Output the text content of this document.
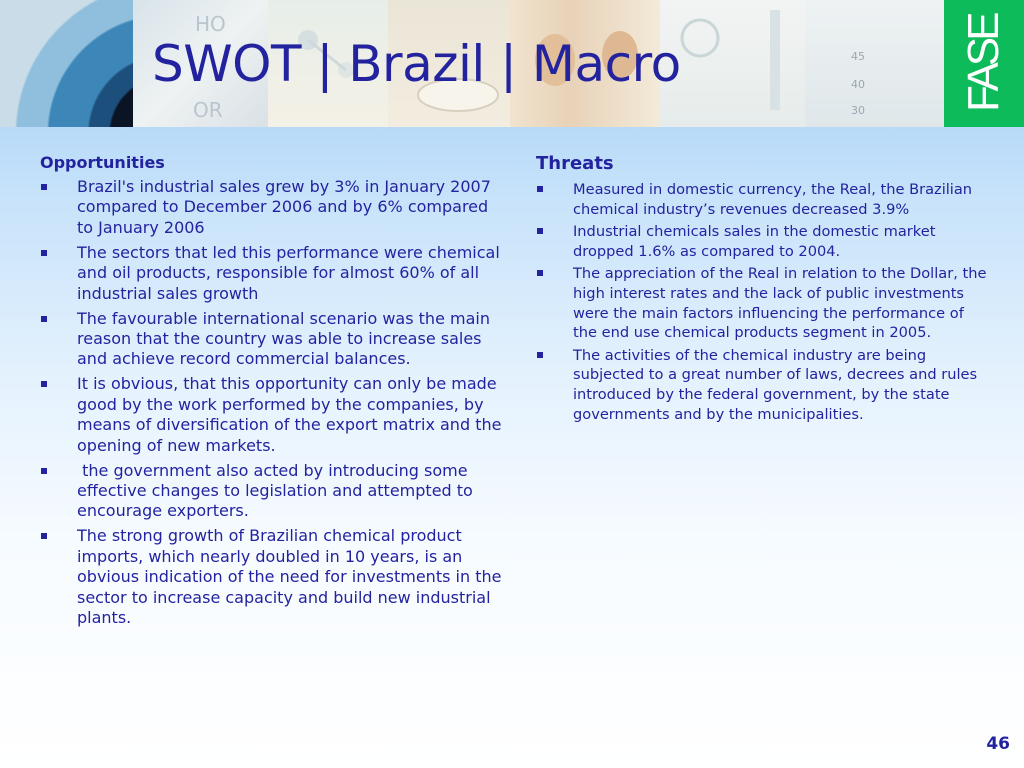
HO
OR
45
40
30 FASE
SWOT | Brazil | Macro
Opportunities
Brazil's industrial sales grew by 3% in January 2007 compared to December 2006 and by 6% compared to January 2006
The sectors that led this performance were chemical and oil products, responsible for almost 60% of all industrial sales growth
The favourable international scenario was the main reason that the country was able to increase sales and achieve record commercial balances.
It is obvious, that this opportunity can only be made good by the work performed by the companies, by means of diversification of the export matrix and the opening of new markets.
the government also acted by introducing some effective changes to legislation and attempted to encourage exporters.
The strong growth of Brazilian chemical product imports, which nearly doubled in 10 years, is an obvious indication of the need for investments in the sector to increase capacity and build new industrial plants.
Threats
Measured in domestic currency, the Real, the Brazilian chemical industry’s revenues decreased 3.9%
Industrial chemicals sales in the domestic market dropped 1.6% as compared to 2004.
The appreciation of the Real in relation to the Dollar, the high interest rates and the lack of public investments were the main factors influencing the performance of the end use chemical products segment in 2005.
The activities of the chemical industry are being subjected to a great number of laws, decrees and rules introduced by the federal government, by the state governments and by the municipalities.
46
